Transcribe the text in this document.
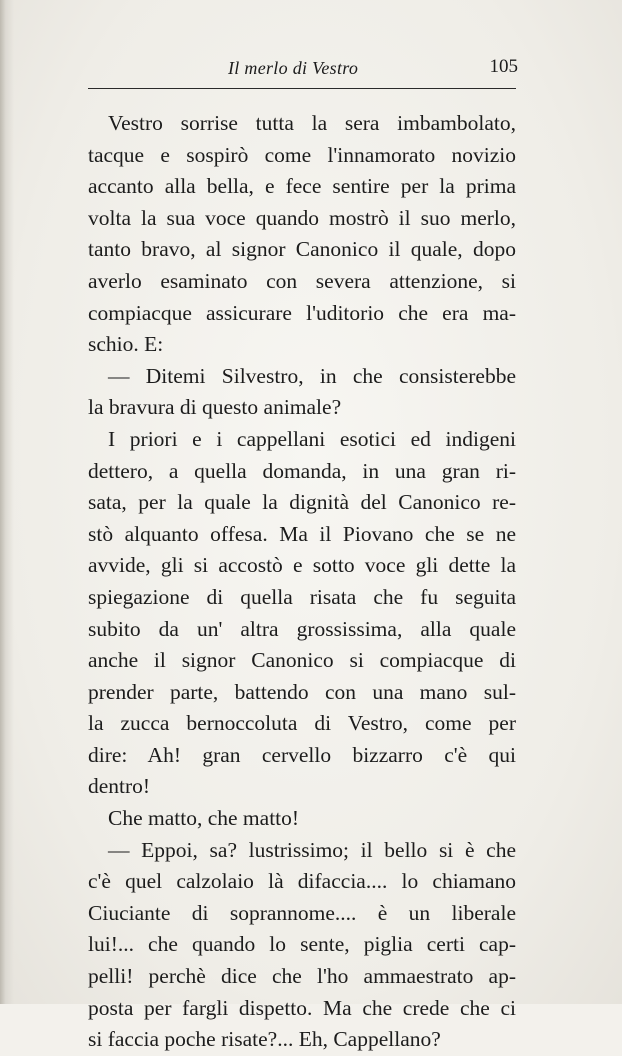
Il merlo di Vestro	105

Vestro sorrise tutta la sera imbambolato,

tacque e sospirò come l'innamorato novizio

accanto alla bella, e fece sentire per la prima

volta la sua voce quando mostrò il suo merlo,

tanto bravo, al signor Canonico il quale, dopo

averlo esaminato con severa attenzione, si

compiacque assicurare l'uditorio che era ma-

schio. E:

— Ditemi Silvestro, in che consisterebbe

la bravura di questo animale?

I priori e i cappellani esotici ed indigeni

dettero, a quella domanda, in una gran ri-

sata, per la quale la dignità del Canonico re-

stò alquanto offesa. Ma il Piovano che se ne

avvide, gli si accostò e sotto voce gli dette la

spiegazione di quella risata che fu seguita

subito da un' altra grossissima, alla quale

anche il signor Canonico si compiacque di

prender parte, battendo con una mano sul-

la zucca bernoccoluta di Vestro, come per

dire: Ah! gran cervello bizzarro c'è qui

dentro!

Che matto, che matto!

— Eppoi, sa? lustrissimo; il bello si è che

c'è quel calzolaio là difaccia.... lo chiamano

Ciuciante di soprannome.... è un liberale

lui!... che quando lo sente, piglia certi cap-

pelli! perchè dice che l'ho ammaestrato ap-

posta per fargli dispetto. Ma che crede che ci

si faccia poche risate?... Eh, Cappellano?
